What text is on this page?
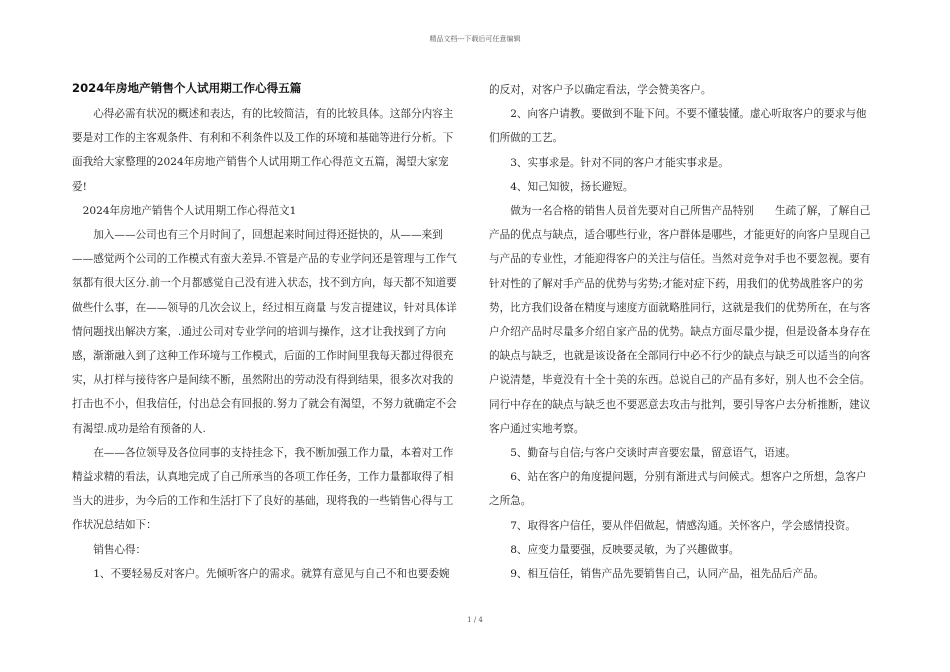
精品文档---下载后可任意编辑

2024年房地产销售个人试用期工作心得五篇

心得必需有状况的概述和表达，有的比较简洁，有的比较具体。这部分内容主要是对工作的主客观条件、有利和不利条件以及工作的环境和基础等进行分析。下面我给大家整理的2024年房地产销售个人试用期工作心得范文五篇，渴望大家宠爱!

2024年房地产销售个人试用期工作心得范文1

加入——公司也有三个月时间了，回想起来时间过得还挺快的，从——来到——感觉两个公司的工作模式有蛮大差异.不管是产品的专业学问还是管理与工作气氛都有很大区分.前一个月都感觉自己没有进入状态，找不到方向，每天都不知道要做些什么事，在——领导的几次会议上，经过相互商量 与发言提建议，针对具体详情问题找出解决方案，.通过公司对专业学问的培训与操作，这才让我找到了方向感，渐渐融入到了这种工作环境与工作模式，后面的工作时间里我每天都过得很充实，从打样与接待客户是间续不断，虽然附出的劳动没有得到结果，很多次对我的打击也不小，但我信任，付出总会有回报的.努力了就会有渴望，不努力就确定不会有渴望.成功是给有预备的人.

在——各位领导及各位同事的支持挂念下，我不断加强工作力量，本着对工作精益求精的看法，认真地完成了自己所承当的各项工作任务，工作力量都取得了相当大的进步，为今后的工作和生活打下了良好的基础，现将我的一些销售心得与工作状况总结如下：

销售心得：

1、不要轻易反对客户。先倾听客户的需求。就算有意见与自己不和也要委婉

的反对，对客户予以确定看法，学会赞美客户。

2、向客户请教。要做到不耻下问。不要不懂装懂。虚心听取客户的要求与他们所做的工艺。

3、实事求是。针对不同的客户才能实事求是。

4、知己知彼，扬长避短。

做为一名合格的销售人员首先要对自己所售产品特别　　生疏了解，了解自己产品的优点与缺点，适合哪些行业，客户群体是哪些，才能更好的向客户呈现自己与产品的专业性，才能迎得客户的关注与信任。当然对竞争对手也不要忽视。要有针对性的了解对手产品的优势与劣势;才能对症下药，用我们的优势战胜客户的劣势，比方我们设备在精度与速度方面就略胜同行，这就是我们的优势所在，在与客户介绍产品时尽量多介绍自家产品的优势。缺点方面尽量少提，但是设备本身存在的缺点与缺乏，也就是该设备在全部同行中必不行少的缺点与缺乏可以适当的向客户说清楚，毕竟没有十全十美的东西。总说自己的产品有多好，别人也不会全信。同行中存在的缺点与缺乏也不要恶意去攻击与批判，要引导客户去分析推断，建议客户通过实地考察。

5、勤奋与自信;与客户交谈时声音要宏量，留意语气，语速。

6、站在客户的角度提问题，分别有渐进式与问候式。想客户之所想，急客户之所急。

7、取得客户信任，要从伴侣做起，情感沟通。关怀客户，学会感情投资。

8、应变力量要强，反映要灵敏，为了兴趣做事。

9、相互信任，销售产品先要销售自己，认同产品，祖先品后产品。

1 / 4
